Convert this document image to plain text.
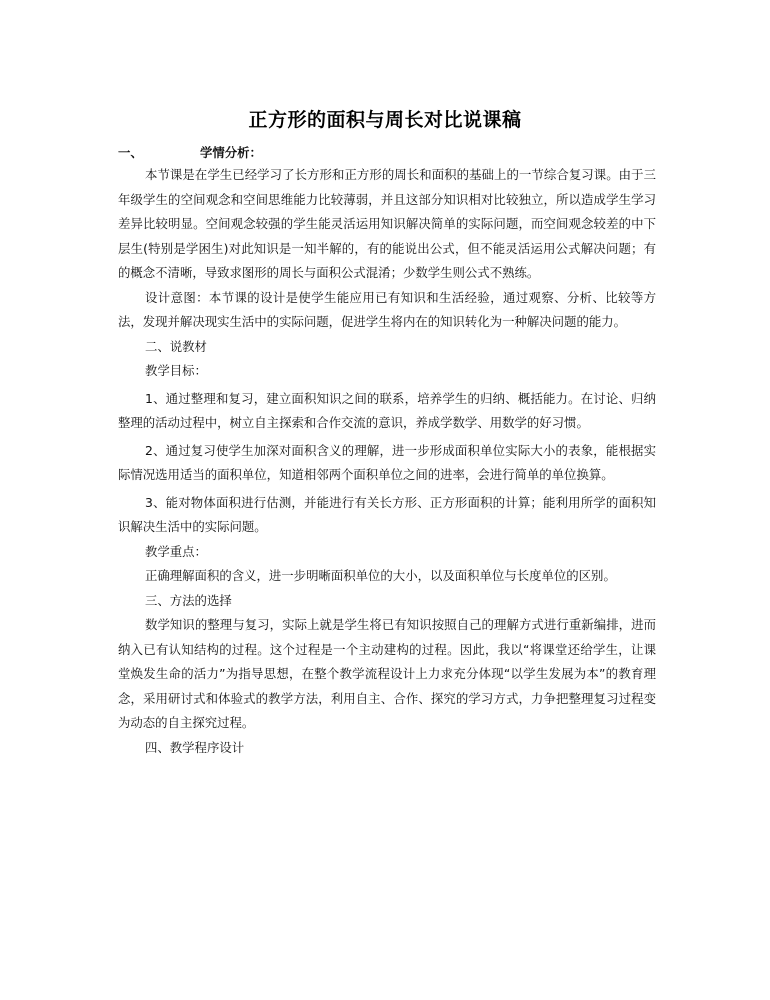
正方形的面积与周长对比说课稿
一、	学情分析：

本节课是在学生已经学习了长方形和正方形的周长和面积的基础上的一节综合复习课。由于三年级学生的空间观念和空间思维能力比较薄弱，并且这部分知识相对比较独立，所以造成学生学习差异比较明显。空间观念较强的学生能灵活运用知识解决简单的实际问题，而空间观念较差的中下层生(特别是学困生)对此知识是一知半解的，有的能说出公式，但不能灵活运用公式解决问题；有的概念不清晰，导致求图形的周长与面积公式混淆；少数学生则公式不熟练。

设计意图：本节课的设计是使学生能应用已有知识和生活经验，通过观察、分析、比较等方法，发现并解决现实生活中的实际问题，促进学生将内在的知识转化为一种解决问题的能力。

二、说教材

教学目标：

1、通过整理和复习，建立面积知识之间的联系，培养学生的归纳、概括能力。在讨论、归纳整理的活动过程中，树立自主探索和合作交流的意识，养成学数学、用数学的好习惯。

2、通过复习使学生加深对面积含义的理解，进一步形成面积单位实际大小的表象，能根据实际情况选用适当的面积单位，知道相邻两个面积单位之间的进率，会进行简单的单位换算。

3、能对物体面积进行估测，并能进行有关长方形、正方形面积的计算；能利用所学的面积知识解决生活中的实际问题。

教学重点：

正确理解面积的含义，进一步明晰面积单位的大小，以及面积单位与长度单位的区别。

三、方法的选择

数学知识的整理与复习，实际上就是学生将已有知识按照自己的理解方式进行重新编排，进而纳入已有认知结构的过程。这个过程是一个主动建构的过程。因此，我以“将课堂还给学生，让课堂焕发生命的活力”为指导思想，在整个教学流程设计上力求充分体现“以学生发展为本”的教育理念，采用研讨式和体验式的教学方法，利用自主、合作、探究的学习方式，力争把整理复习过程变为动态的自主探究过程。

四、教学程序设计
